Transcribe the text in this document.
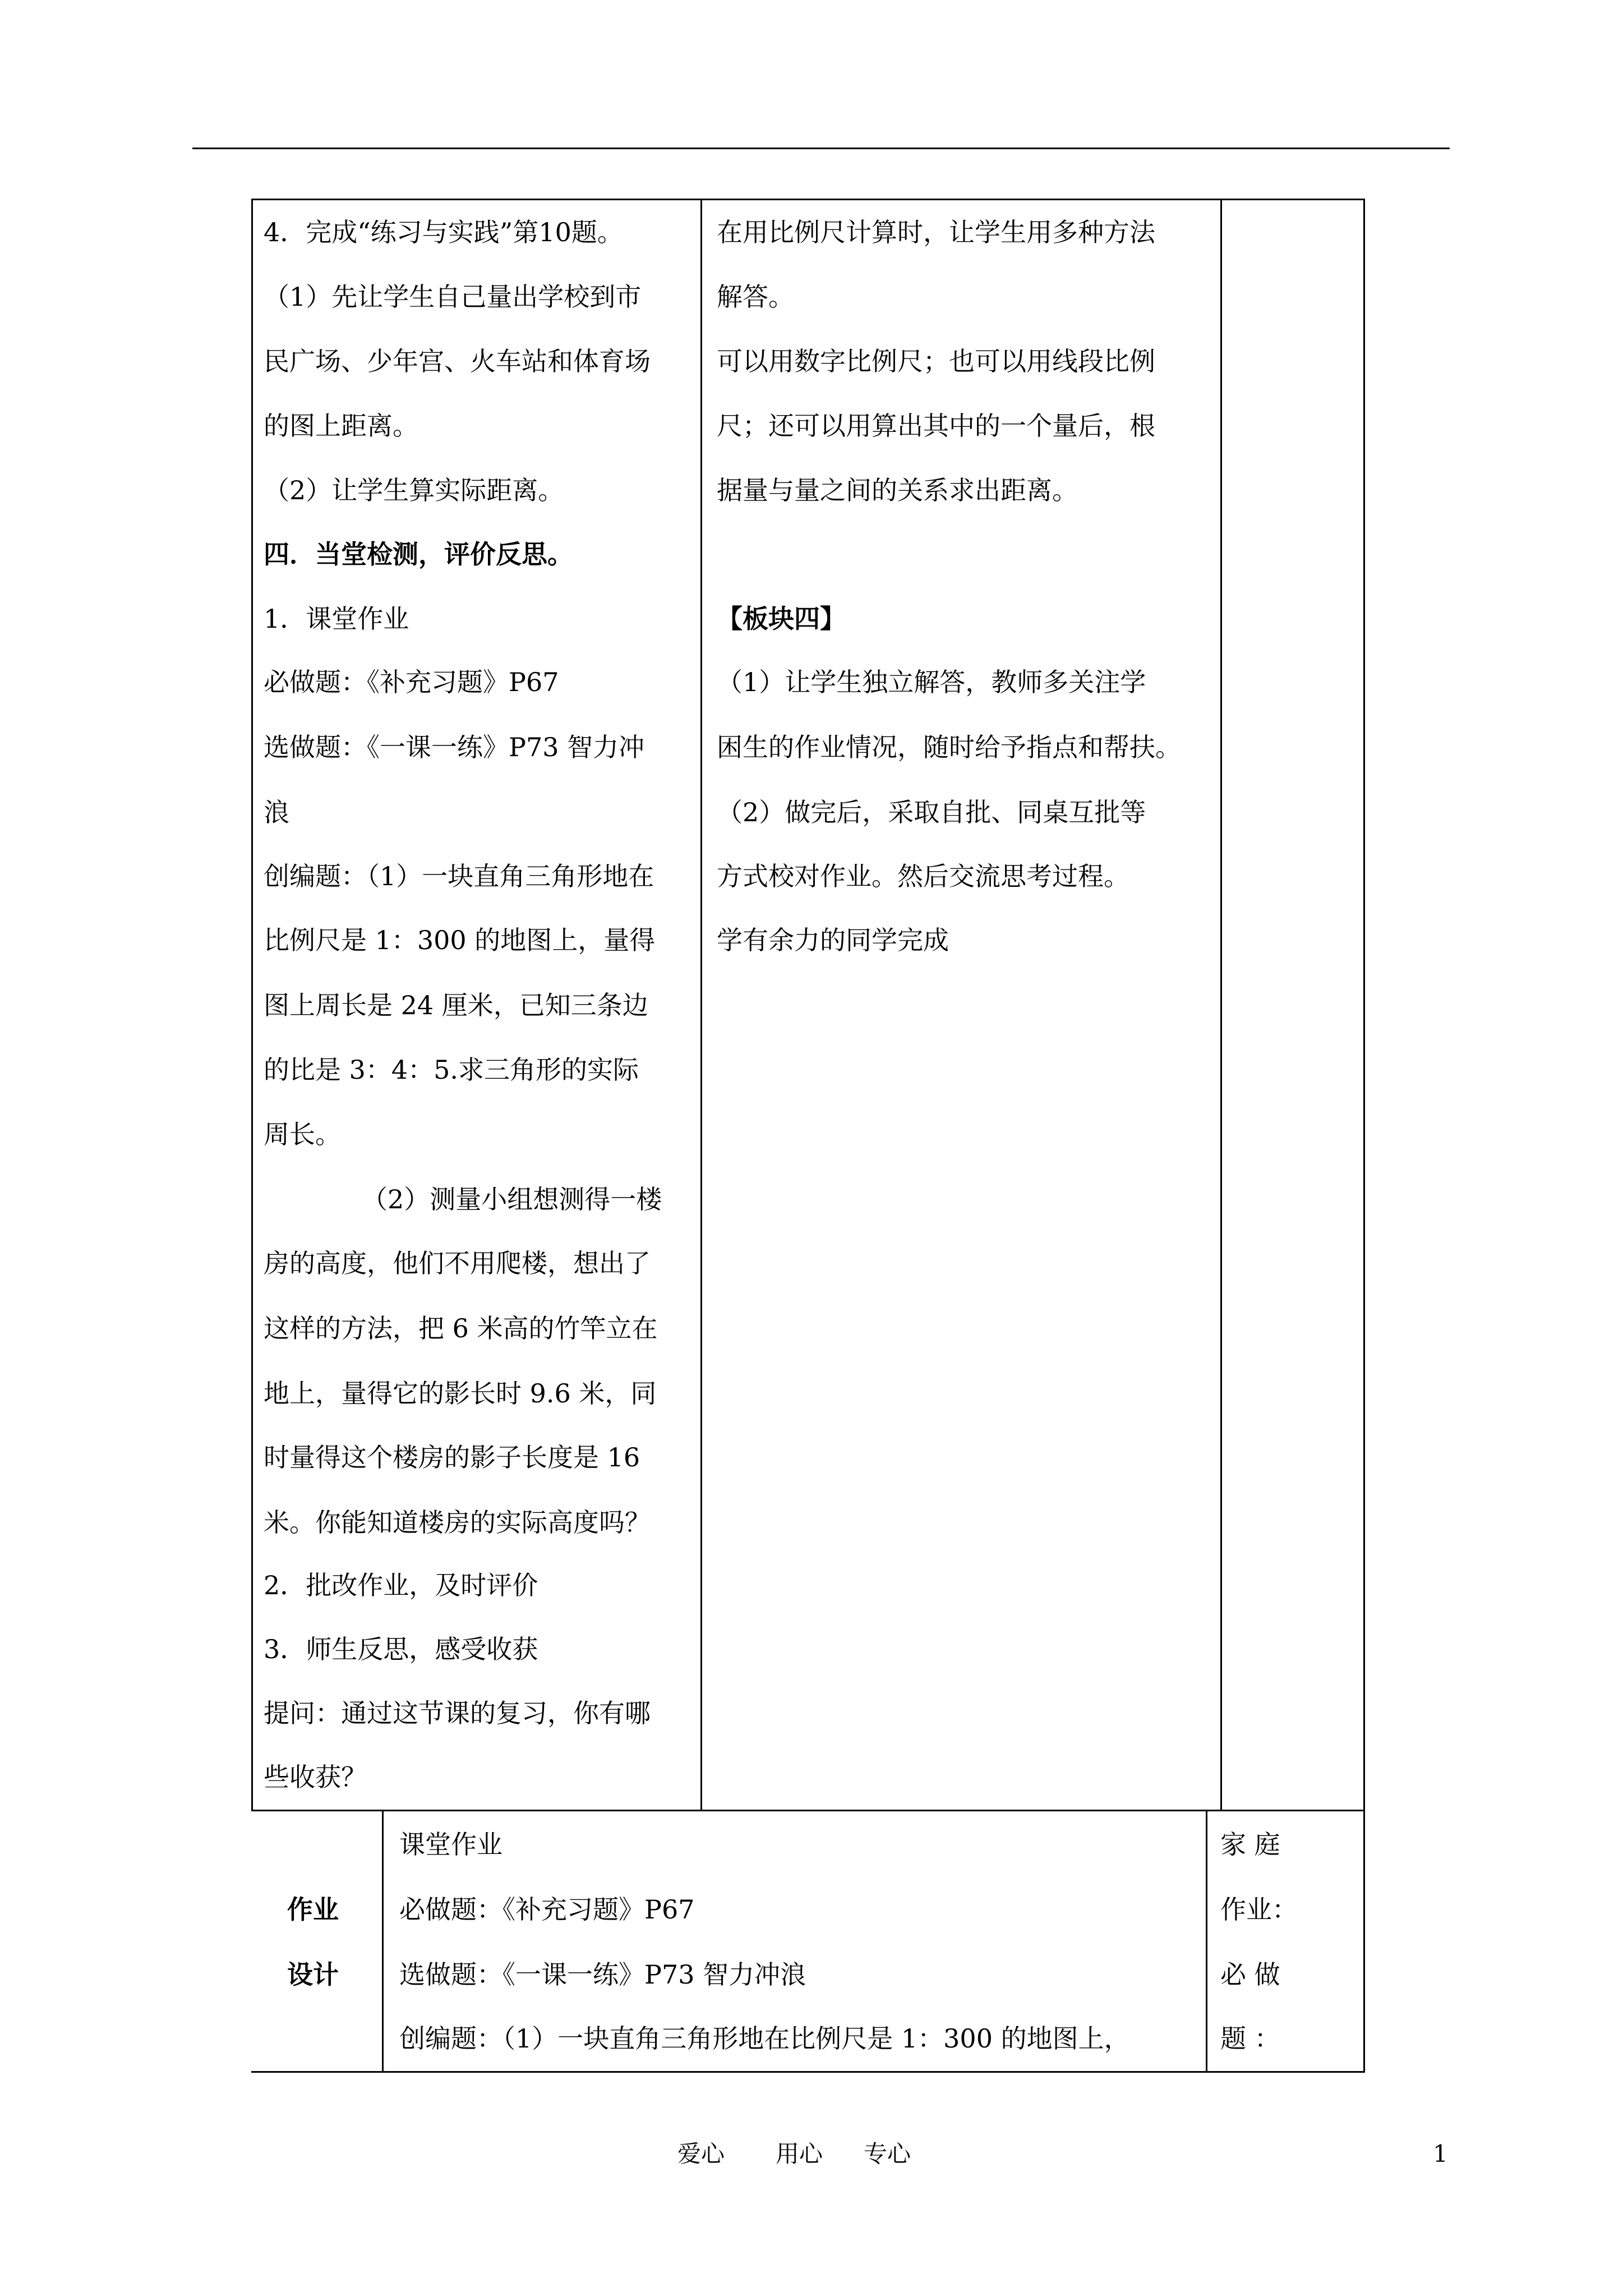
4．完成“练习与实践”第10题。
（1）先让学生自己量出学校到市
民广场、少年宫、火车站和体育场
的图上距离。
（2）让学生算实际距离。
四．当堂检测，评价反思。
1．课堂作业
必做题：《补充习题》P67
选做题：《一课一练》P73 智力冲
浪
创编题：（1）一块直角三角形地在
比例尺是 1：300 的地图上，量得
图上周长是 24 厘米，已知三条边
的比是 3：4：5.求三角形的实际
周长。
（2）测量小组想测得一楼
房的高度，他们不用爬楼，想出了
这样的方法，把 6 米高的竹竿立在
地上，量得它的影长时 9.6 米，同
时量得这个楼房的影子长度是 16
米。你能知道楼房的实际高度吗？
2．批改作业，及时评价
3．师生反思，感受收获
提问：通过这节课的复习，你有哪
些收获？
在用比例尺计算时，让学生用多种方法
解答。
可以用数字比例尺；也可以用线段比例
尺；还可以用算出其中的一个量后，根
据量与量之间的关系求出距离。
【板块四】
（1）让学生独立解答，教师多关注学
困生的作业情况，随时给予指点和帮扶。
（2）做完后，采取自批、同桌互批等
方式校对作业。然后交流思考过程。
学有余力的同学完成
作业
设计
课堂作业
必做题：《补充习题》P67
选做题：《一课一练》P73 智力冲浪
创编题：（1）一块直角三角形地在比例尺是 1：300 的地图上，
家 庭
作业：
必 做
题 ：
爱心 用心 专心	1
